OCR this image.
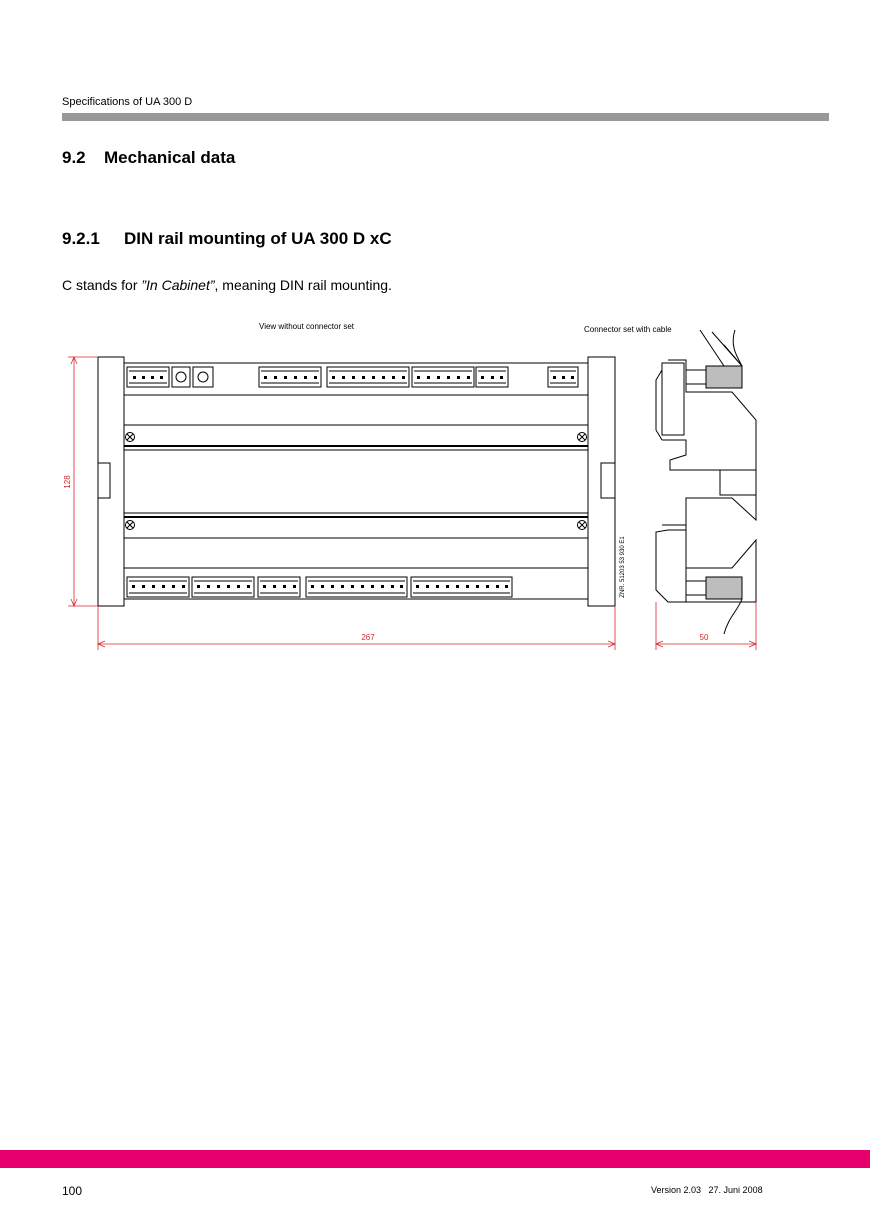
Specifications of UA 300 D
9.2 Mechanical data
9.2.1 DIN rail mounting of UA 300 D xC
C stands for ”In Cabinet”, meaning DIN rail mounting.
View without connector set	Connector set with cable
128
267	50
ZNR. 51203 53 930 E1
100	Version 2.03   27. Juni 2008
